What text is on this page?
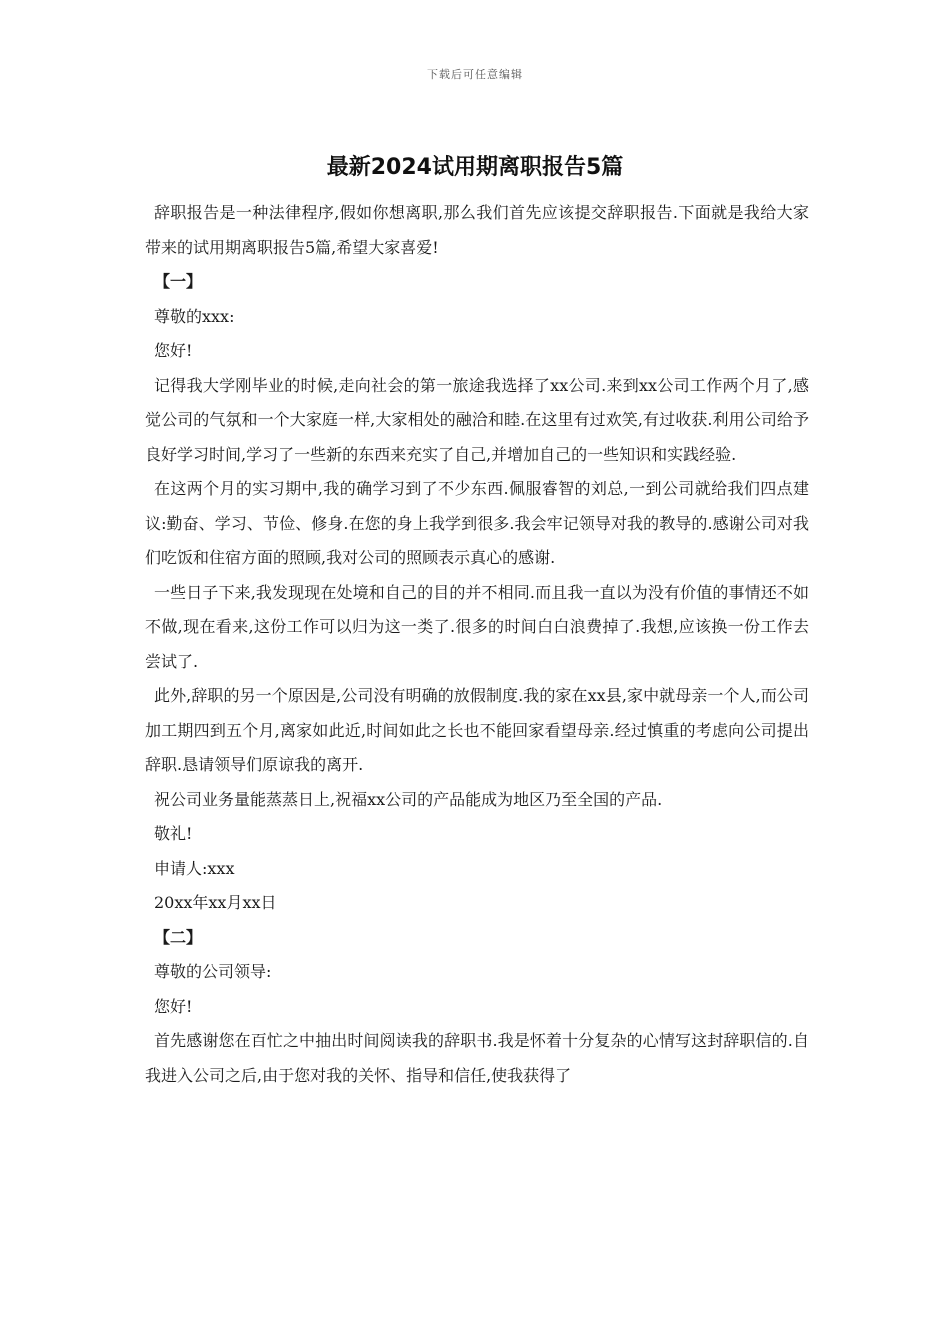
下载后可任意编辑
最新2024试用期离职报告5篇

辞职报告是一种法律程序,假如你想离职,那么我们首先应该提交辞职报告.下面就是我给大家带来的试用期离职报告5篇,希望大家喜爱!

【一】

尊敬的xxx:

您好!

记得我大学刚毕业的时候,走向社会的第一旅途我选择了xx公司.来到xx公司工作两个月了,感觉公司的气氛和一个大家庭一样,大家相处的融洽和睦.在这里有过欢笑,有过收获.利用公司给予良好学习时间,学习了一些新的东西来充实了自己,并增加自己的一些知识和实践经验.

在这两个月的实习期中,我的确学习到了不少东西.佩服睿智的刘总,一到公司就给我们四点建议:勤奋、学习、节俭、修身.在您的身上我学到很多.我会牢记领导对我的教导的.感谢公司对我们吃饭和住宿方面的照顾,我对公司的照顾表示真心的感谢.

一些日子下来,我发现现在处境和自己的目的并不相同.而且我一直以为没有价值的事情还不如不做,现在看来,这份工作可以归为这一类了.很多的时间白白浪费掉了.我想,应该换一份工作去尝试了.

此外,辞职的另一个原因是,公司没有明确的放假制度.我的家在xx县,家中就母亲一个人,而公司加工期四到五个月,离家如此近,时间如此之长也不能回家看望母亲.经过慎重的考虑向公司提出辞职.恳请领导们原谅我的离开.

祝公司业务量能蒸蒸日上,祝福xx公司的产品能成为地区乃至全国的产品.

敬礼!

申请人:xxx

20xx年xx月xx日

【二】

尊敬的公司领导:

您好!

首先感谢您在百忙之中抽出时间阅读我的辞职书.我是怀着十分复杂的心情写这封辞职信的.自我进入公司之后,由于您对我的关怀、指导和信任,使我获得了
